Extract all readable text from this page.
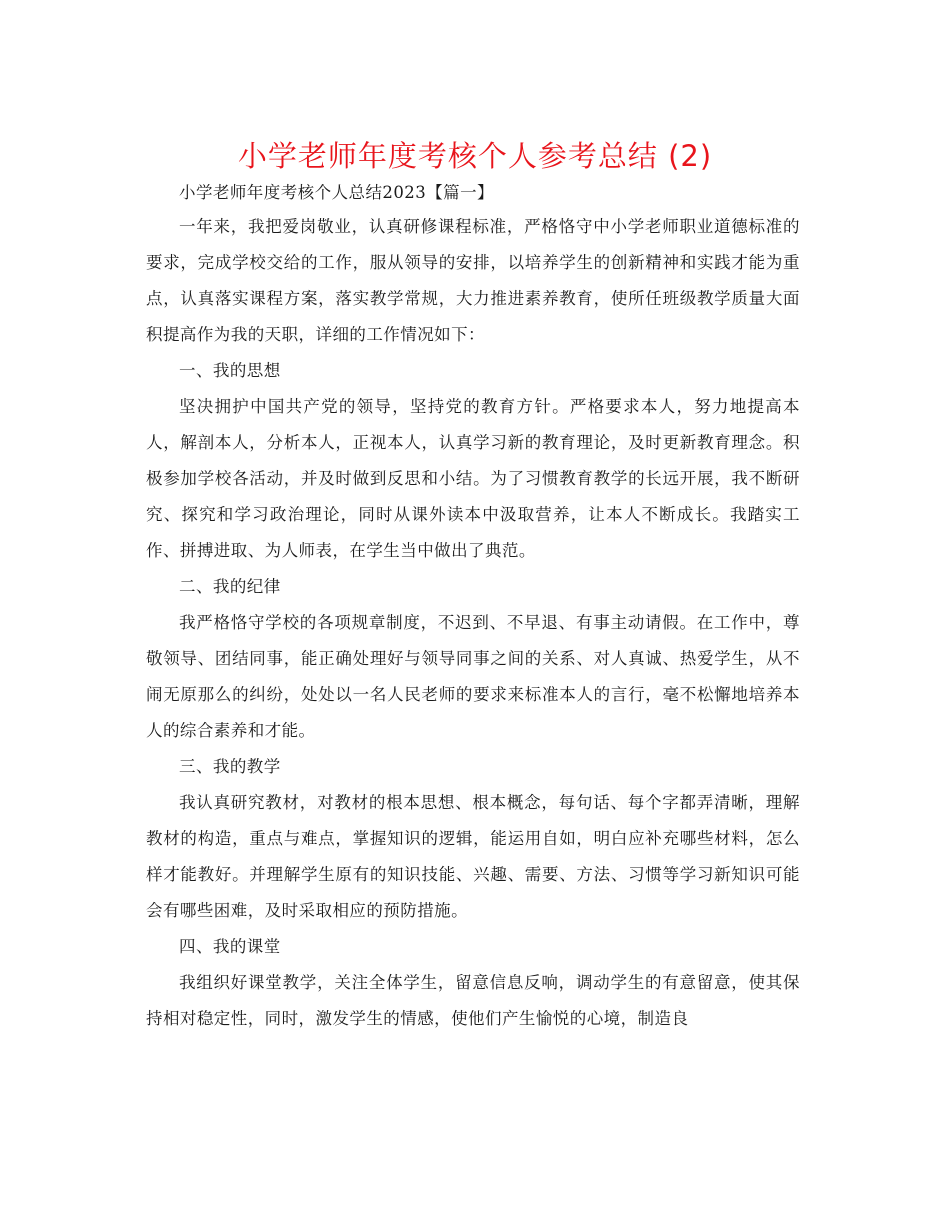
小学老师年度考核个人参考总结 (2)

小学老师年度考核个人总结2023【篇一】

一年来，我把爱岗敬业，认真研修课程标准，严格恪守中小学老师职业道德标准的要求，完成学校交给的工作，服从领导的安排，以培养学生的创新精神和实践才能为重点，认真落实课程方案，落实教学常规，大力推进素养教育，使所任班级教学质量大面积提高作为我的天职，详细的工作情况如下：

一、我的思想

坚决拥护中国共产党的领导，坚持党的教育方针。严格要求本人，努力地提高本人，解剖本人，分析本人，正视本人，认真学习新的教育理论，及时更新教育理念。积极参加学校各活动，并及时做到反思和小结。为了习惯教育教学的长远开展，我不断研究、探究和学习政治理论，同时从课外读本中汲取营养，让本人不断成长。我踏实工作、拼搏进取、为人师表，在学生当中做出了典范。

二、我的纪律

我严格恪守学校的各项规章制度，不迟到、不早退、有事主动请假。在工作中，尊敬领导、团结同事，能正确处理好与领导同事之间的关系、对人真诚、热爱学生，从不闹无原那么的纠纷，处处以一名人民老师的要求来标准本人的言行，毫不松懈地培养本人的综合素养和才能。

三、我的教学

我认真研究教材，对教材的根本思想、根本概念，每句话、每个字都弄清晰，理解教材的构造，重点与难点，掌握知识的逻辑，能运用自如，明白应补充哪些材料，怎么样才能教好。并理解学生原有的知识技能、兴趣、需要、方法、习惯等学习新知识可能会有哪些困难，及时采取相应的预防措施。

四、我的课堂

我组织好课堂教学，关注全体学生，留意信息反响，调动学生的有意留意，使其保持相对稳定性，同时，激发学生的情感，使他们产生愉悦的心境，制造良
